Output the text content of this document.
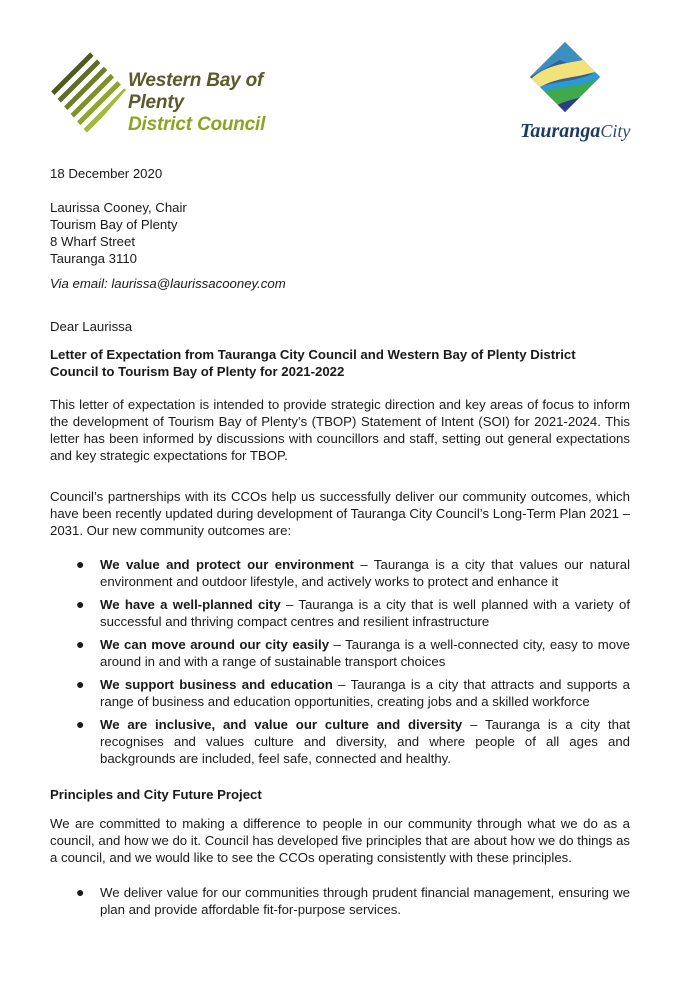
Western Bay of Plenty
District Council	TaurangaCity
18 December 2020
Laurissa Cooney, Chair
Tourism Bay of Plenty
8 Wharf Street
Tauranga 3110
Via email: laurissa@laurissacooney.com
Dear Laurissa
Letter of Expectation from Tauranga City Council and Western Bay of Plenty District Council to Tourism Bay of Plenty for 2021-2022
This letter of expectation is intended to provide strategic direction and key areas of focus to inform the development of Tourism Bay of Plenty’s (TBOP) Statement of Intent (SOI) for 2021-2024. This letter has been informed by discussions with councillors and staff, setting out general expectations and key strategic expectations for TBOP.
Council’s partnerships with its CCOs help us successfully deliver our community outcomes, which have been recently updated during development of Tauranga City Council’s Long-Term Plan 2021 – 2031. Our new community outcomes are:
● We value and protect our environment – Tauranga is a city that values our natural environment and outdoor lifestyle, and actively works to protect and enhance it
● We have a well-planned city – Tauranga is a city that is well planned with a variety of successful and thriving compact centres and resilient infrastructure
● We can move around our city easily – Tauranga is a well-connected city, easy to move around in and with a range of sustainable transport choices
● We support business and education – Tauranga is a city that attracts and supports a range of business and education opportunities, creating jobs and a skilled workforce
● We are inclusive, and value our culture and diversity – Tauranga is a city that recognises and values culture and diversity, and where people of all ages and backgrounds are included, feel safe, connected and healthy.
Principles and City Future Project
We are committed to making a difference to people in our community through what we do as a council, and how we do it. Council has developed five principles that are about how we do things as a council, and we would like to see the CCOs operating consistently with these principles.
● We deliver value for our communities through prudent financial management, ensuring we plan and provide affordable fit-for-purpose services.
